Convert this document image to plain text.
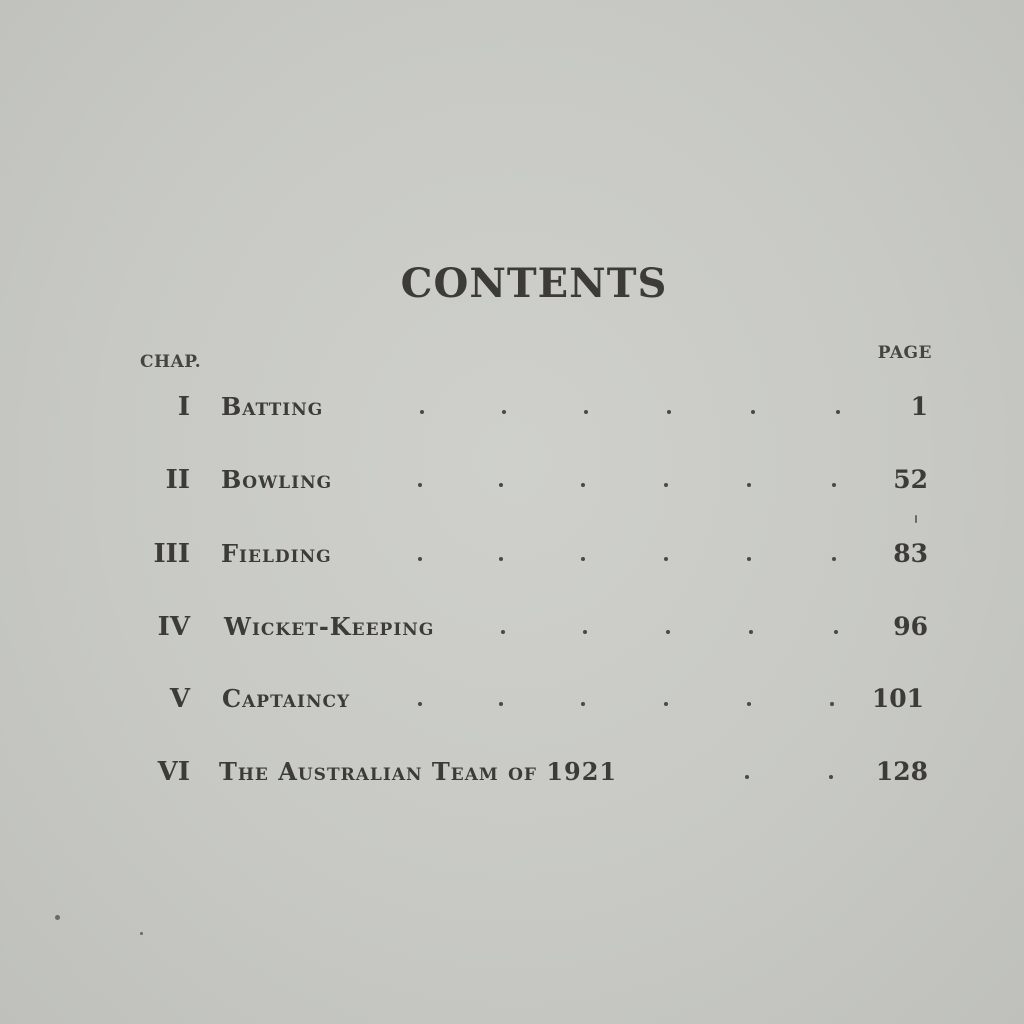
CONTENTS
CHAP.	PAGE
I Batting	1
II Bowling	52
III Fielding	83
IV Wicket-Keeping	96
V Captaincy	101
VI The Australian Team of 1921	128
